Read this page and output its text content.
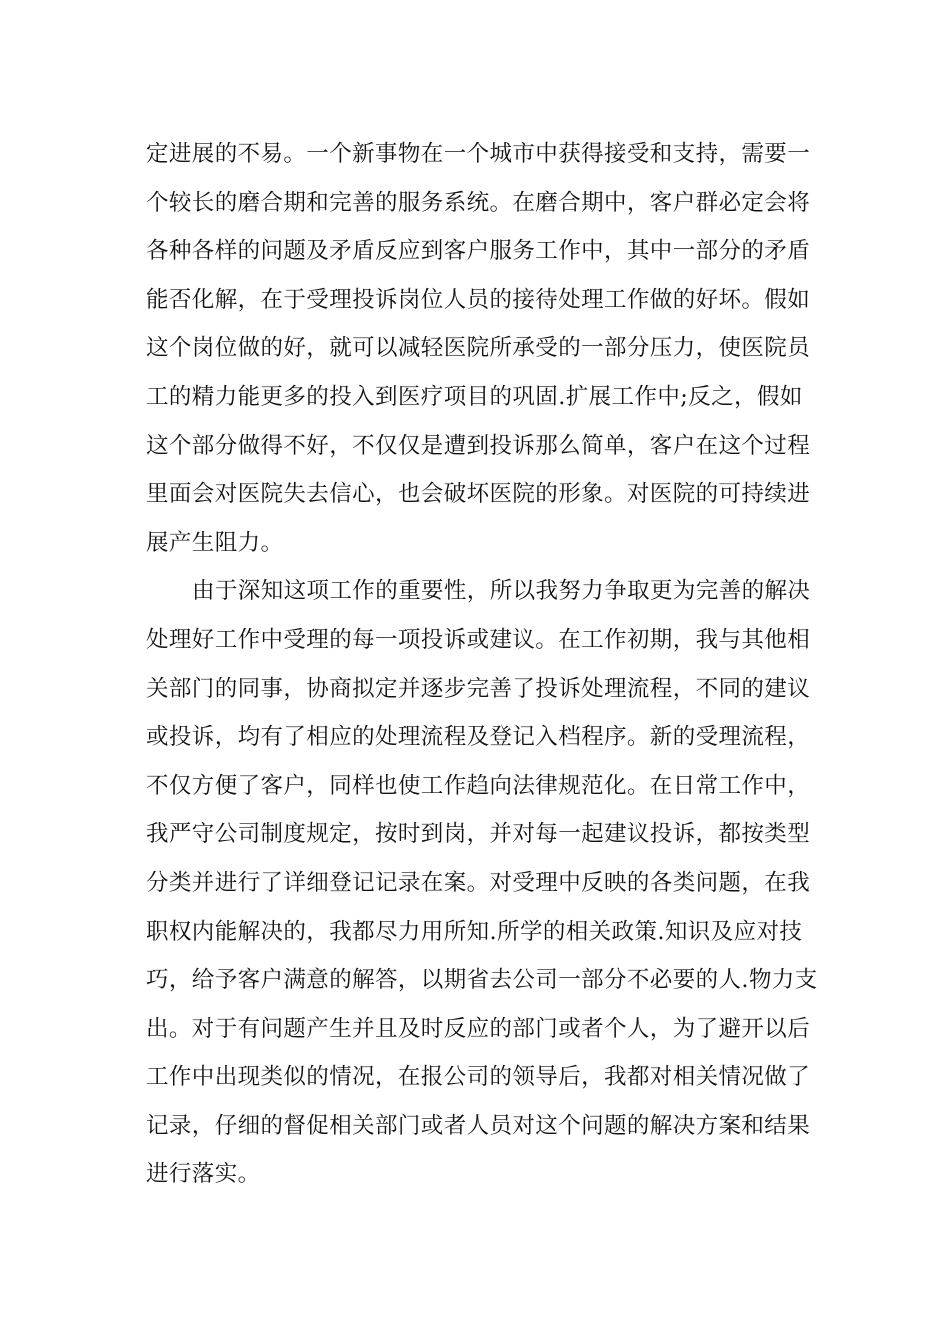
定进展的不易。一个新事物在一个城市中获得接受和支持，需要一
个较长的磨合期和完善的服务系统。在磨合期中，客户群必定会将
各种各样的问题及矛盾反应到客户服务工作中，其中一部分的矛盾
能否化解，在于受理投诉岗位人员的接待处理工作做的好坏。假如
这个岗位做的好，就可以减轻医院所承受的一部分压力，使医院员
工的精力能更多的投入到医疗项目的巩固.扩展工作中;反之，假如
这个部分做得不好，不仅仅是遭到投诉那么简单，客户在这个过程
里面会对医院失去信心，也会破坏医院的形象。对医院的可持续进
展产生阻力。
由于深知这项工作的重要性，所以我努力争取更为完善的解决
处理好工作中受理的每一项投诉或建议。在工作初期，我与其他相
关部门的同事，协商拟定并逐步完善了投诉处理流程，不同的建议
或投诉，均有了相应的处理流程及登记入档程序。新的受理流程，
不仅方便了客户，同样也使工作趋向法律规范化。在日常工作中，
我严守公司制度规定，按时到岗，并对每一起建议投诉，都按类型
分类并进行了详细登记记录在案。对受理中反映的各类问题，在我
职权内能解决的，我都尽力用所知.所学的相关政策.知识及应对技
巧，给予客户满意的解答，以期省去公司一部分不必要的人.物力支
出。对于有问题产生并且及时反应的部门或者个人，为了避开以后
工作中出现类似的情况，在报公司的领导后，我都对相关情况做了
记录，仔细的督促相关部门或者人员对这个问题的解决方案和结果
进行落实。
